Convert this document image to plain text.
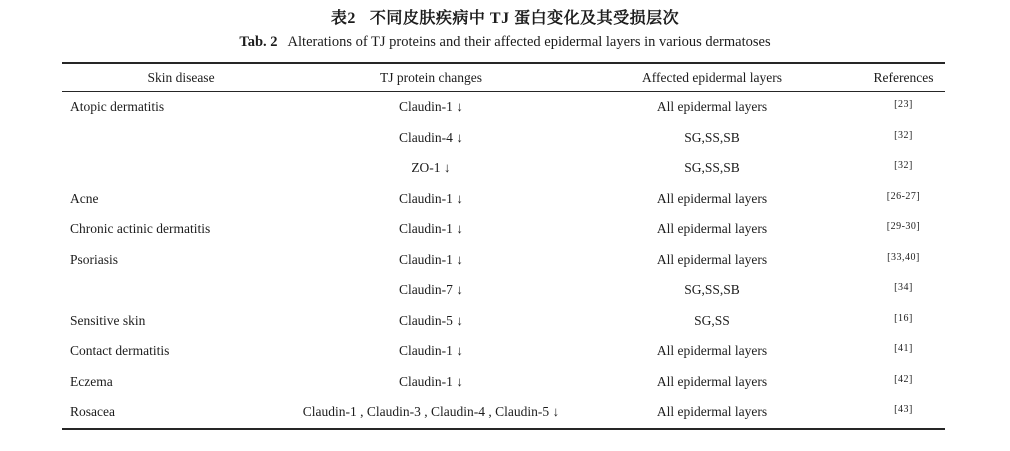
表2 不同皮肤疾病中 TJ 蛋白变化及其受损层次
Tab. 2 Alterations of TJ proteins and their affected epidermal layers in various dermatoses
Skin disease	TJ protein changes	Affected epidermal layers	References
Atopic dermatitis	Claudin-1 ↓	All epidermal layers	[23]
	Claudin-4 ↓	SG,SS,SB	[32]
	ZO-1 ↓	SG,SS,SB	[32]
Acne	Claudin-1 ↓	All epidermal layers	[26-27]
Chronic actinic dermatitis	Claudin-1 ↓	All epidermal layers	[29-30]
Psoriasis	Claudin-1 ↓	All epidermal layers	[33,40]
	Claudin-7 ↓	SG,SS,SB	[34]
Sensitive skin	Claudin-5 ↓	SG,SS	[16]
Contact dermatitis	Claudin-1 ↓	All epidermal layers	[41]
Eczema	Claudin-1 ↓	All epidermal layers	[42]
Rosacea	Claudin-1 , Claudin-3 , Claudin-4 , Claudin-5 ↓	All epidermal layers	[43]
